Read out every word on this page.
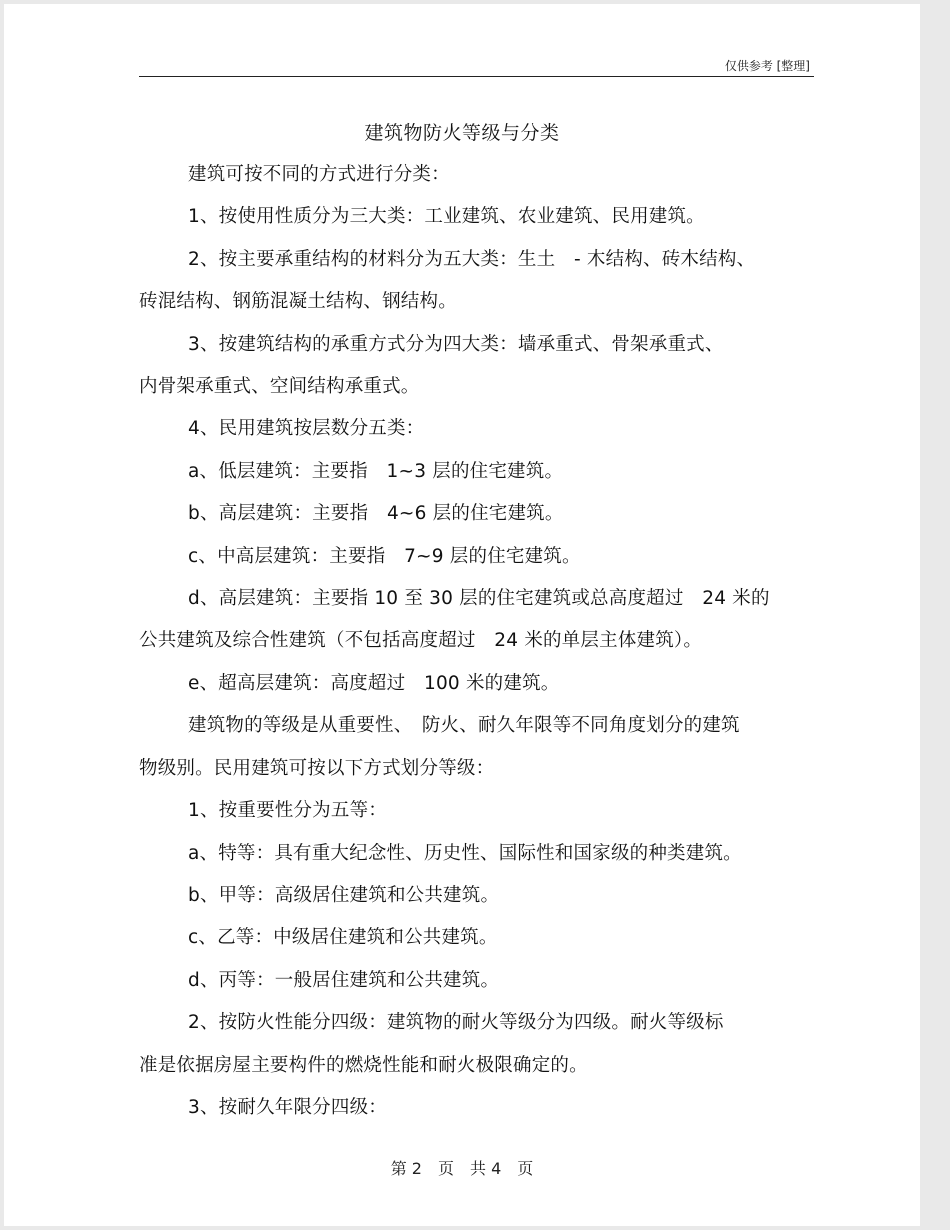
仅供参考 [整理]
建筑物防火等级与分类

建筑可按不同的方式进行分类：

1、按使用性质分为三大类：工业建筑、农业建筑、民用建筑。

2、按主要承重结构的材料分为五大类：生土　- 木结构、砖木结构、
砖混结构、钢筋混凝土结构、钢结构。

3、按建筑结构的承重方式分为四大类：墙承重式、骨架承重式、
内骨架承重式、空间结构承重式。

4、民用建筑按层数分五类：

a、低层建筑：主要指　1~3 层的住宅建筑。

b、高层建筑：主要指　4~6 层的住宅建筑。

c、中高层建筑：主要指　7~9 层的住宅建筑。

d、高层建筑：主要指 10 至 30 层的住宅建筑或总高度超过　24 米的
公共建筑及综合性建筑（不包括高度超过　24 米的单层主体建筑）。

e、超高层建筑：高度超过　100 米的建筑。

建筑物的等级是从重要性、　防火、耐久年限等不同角度划分的建筑
物级别。民用建筑可按以下方式划分等级：

1、按重要性分为五等：

a、特等：具有重大纪念性、历史性、国际性和国家级的种类建筑。

b、甲等：高级居住建筑和公共建筑。

c、乙等：中级居住建筑和公共建筑。

d、丙等：一般居住建筑和公共建筑。

2、按防火性能分四级：建筑物的耐火等级分为四级。耐火等级标
准是依据房屋主要构件的燃烧性能和耐火极限确定的。

3、按耐久年限分四级：

第 2　页　共 4　页
